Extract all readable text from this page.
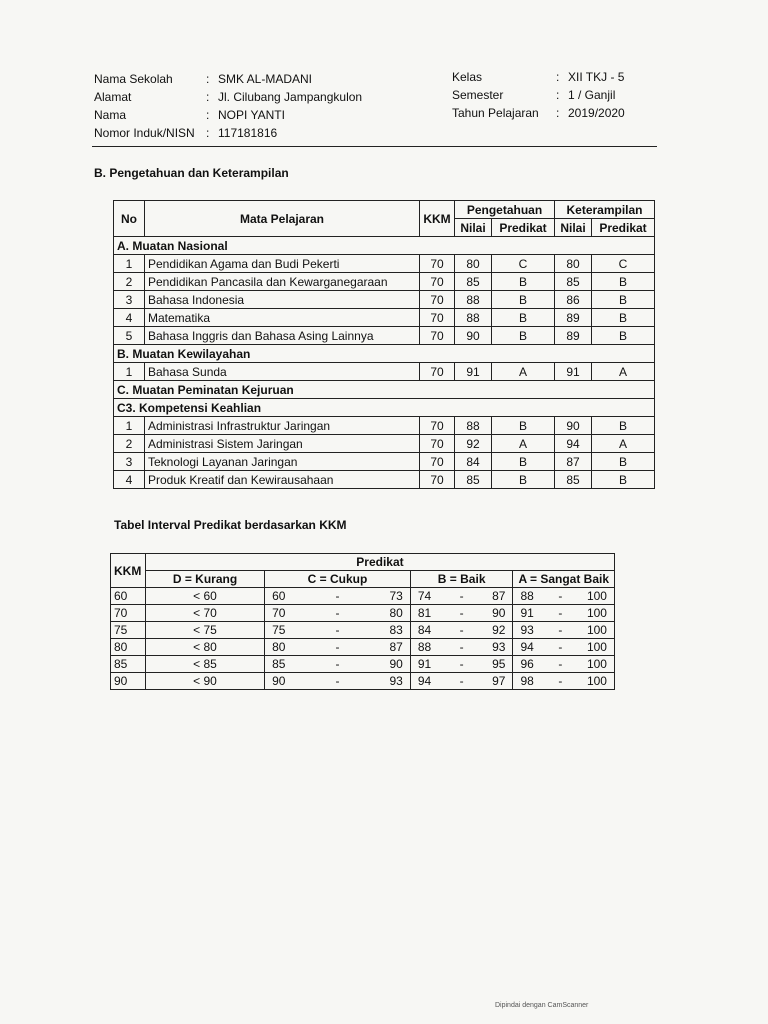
Nama Sekolah	: SMK AL-MADANI
Alamat	: Jl. Cilubang Jampangkulon
Nama	: NOPI YANTI
Nomor Induk/NISN : 117181816
Kelas	: XII TKJ - 5
Semester	: 1 / Ganjil
Tahun Pelajaran	: 2019/2020
B. Pengetahuan dan Keterampilan
No	Mata Pelajaran	KKM	Pengetahuan		Keterampilan	
			Nilai	Predikat	Nilai	Predikat
A. Muatan Nasional						
1	Pendidikan Agama dan Budi Pekerti	70	80	C	80	C
2	Pendidikan Pancasila dan Kewarganegaraan	70	85	B	85	B
3	Bahasa Indonesia	70	88	B	86	B
4	Matematika	70	88	B	89	B
5	Bahasa Inggris dan Bahasa Asing Lainnya	70	90	B	89	B
B. Muatan Kewilayahan						
1	Bahasa Sunda	70	91	A	91	A
C. Muatan Peminatan Kejuruan						
C3. Kompetensi Keahlian						
1	Administrasi Infrastruktur Jaringan	70	88	B	90	B
2	Administrasi Sistem Jaringan	70	92	A	94	A
3	Teknologi Layanan Jaringan	70	84	B	87	B
4	Produk Kreatif dan Kewirausahaan	70	85	B	85	B
Tabel Interval Predikat berdasarkan KKM
KKM	Predikat			
	D = Kurang	C = Cukup	B = Baik	A = Sangat Baik
60	< 60	60 - 73	74 - 87	88 - 100

70	< 70	70 - 80	81 - 90	91 - 100

75	< 75	75 - 83	84 - 92	93 - 100

80	< 80	80 - 87	88 - 93	94 - 100

85	< 85	85 - 90	91 - 95	96 - 100

90	< 90	90 - 93	94 - 97	98 - 100
Dipindai dengan CamScanner
